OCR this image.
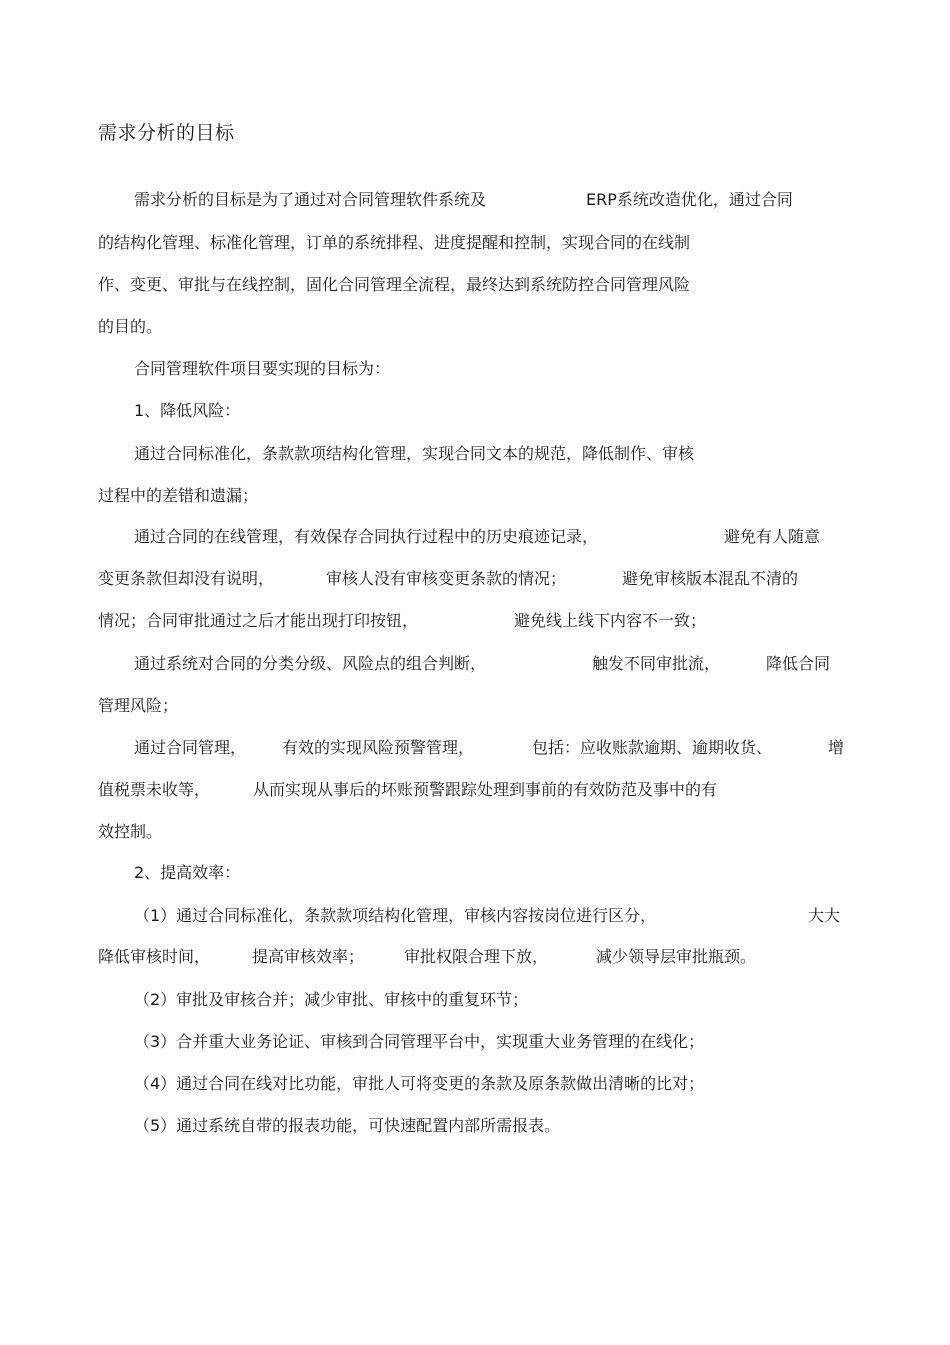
需求分析的目标
需求分析的目标是为了通过对合同管理软件系统及	ERP系统改造优化，通过合同
的结构化管理、标准化管理，订单的系统排程、进度提醒和控制，实现合同的在线制
作、变更、审批与在线控制，固化合同管理全流程，最终达到系统防控合同管理风险
的目的。
合同管理软件项目要实现的目标为：
1、降低风险：
通过合同标准化，条款款项结构化管理，实现合同文本的规范，降低制作、审核
过程中的差错和遗漏；
通过合同的在线管理，有效保存合同执行过程中的历史痕迹记录，	避免有人随意
变更条款但却没有说明，	审核人没有审核变更条款的情况；	避免审核版本混乱不清的
情况；合同审批通过之后才能出现打印按钮，	避免线上线下内容不一致；
通过系统对合同的分类分级、风险点的组合判断，	触发不同审批流，	降低合同
管理风险；
通过合同管理， 有效的实现风险预警管理，	包括：应收账款逾期、逾期收货、	增
值税票未收等，	从而实现从事后的坏账预警跟踪处理到事前的有效防范及事中的有
效控制。
2、提高效率：
（1）通过合同标准化，条款款项结构化管理，审核内容按岗位进行区分，	大大
降低审核时间，	提高审核效率； 审批权限合理下放，	减少领导层审批瓶颈。
（2）审批及审核合并；减少审批、审核中的重复环节；
（3）合并重大业务论证、审核到合同管理平台中，实现重大业务管理的在线化；
（4）通过合同在线对比功能，审批人可将变更的条款及原条款做出清晰的比对；
（5）通过系统自带的报表功能，可快速配置内部所需报表。
